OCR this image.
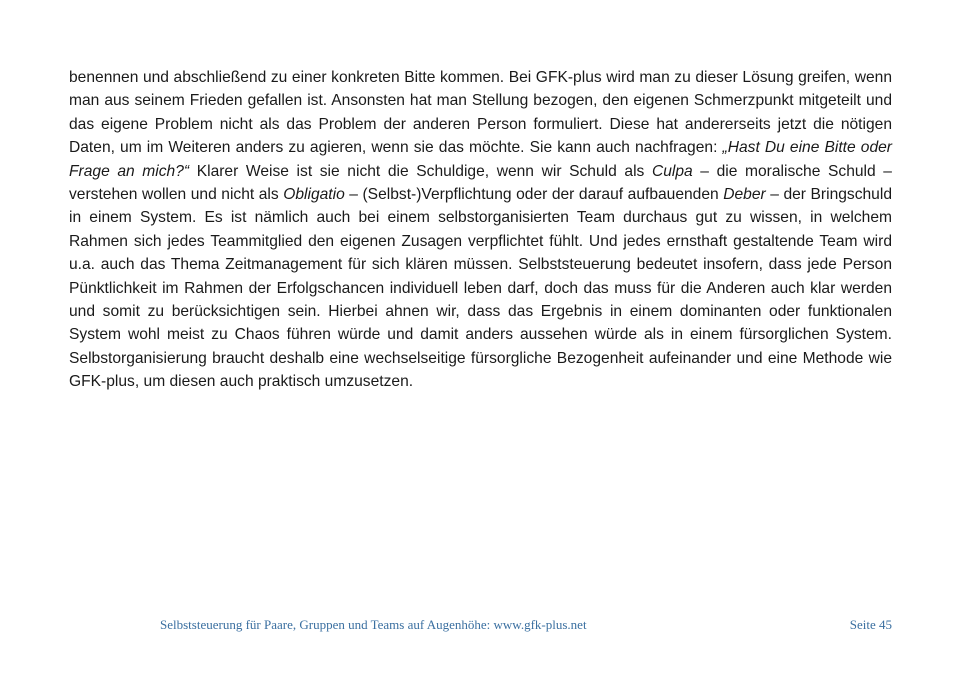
benennen und abschließend zu einer konkreten Bitte kommen. Bei GFK-plus wird man zu dieser Lösung greifen, wenn man aus seinem Frieden gefallen ist. Ansonsten hat man Stellung bezogen, den eigenen Schmerzpunkt mitgeteilt und das eigene Problem nicht als das Problem der anderen Person formuliert. Diese hat andererseits jetzt die nötigen Daten, um im Weiteren anders zu agieren, wenn sie das möchte. Sie kann auch nachfragen: „Hast Du eine Bitte oder Frage an mich?“ Klarer Weise ist sie nicht die Schuldige, wenn wir Schuld als Culpa – die moralische Schuld – verstehen wollen und nicht als Obligatio – (Selbst-)Verpflichtung oder der darauf aufbauenden Deber – der Bringschuld in einem System. Es ist nämlich auch bei einem selbstorganisierten Team durchaus gut zu wissen, in welchem Rahmen sich jedes Teammitglied den eigenen Zusagen verpflichtet fühlt. Und jedes ernsthaft gestaltende Team wird u.a. auch das Thema Zeitmanagement für sich klären müssen. Selbststeuerung bedeutet insofern, dass jede Person Pünktlichkeit im Rahmen der Erfolgschancen individuell leben darf, doch das muss für die Anderen auch klar werden und somit zu berücksichtigen sein. Hierbei ahnen wir, dass das Ergebnis in einem dominanten oder funktionalen System wohl meist zu Chaos führen würde und damit anders aussehen würde als in einem fürsorglichen System. Selbstorganisierung braucht deshalb eine wechselseitige fürsorgliche Bezogenheit aufeinander und eine Methode wie GFK-plus, um diesen auch praktisch umzusetzen.

Selbststeuerung für Paare, Gruppen und Teams auf Augenhöhe: www.gfk-plus.net	Seite 45
